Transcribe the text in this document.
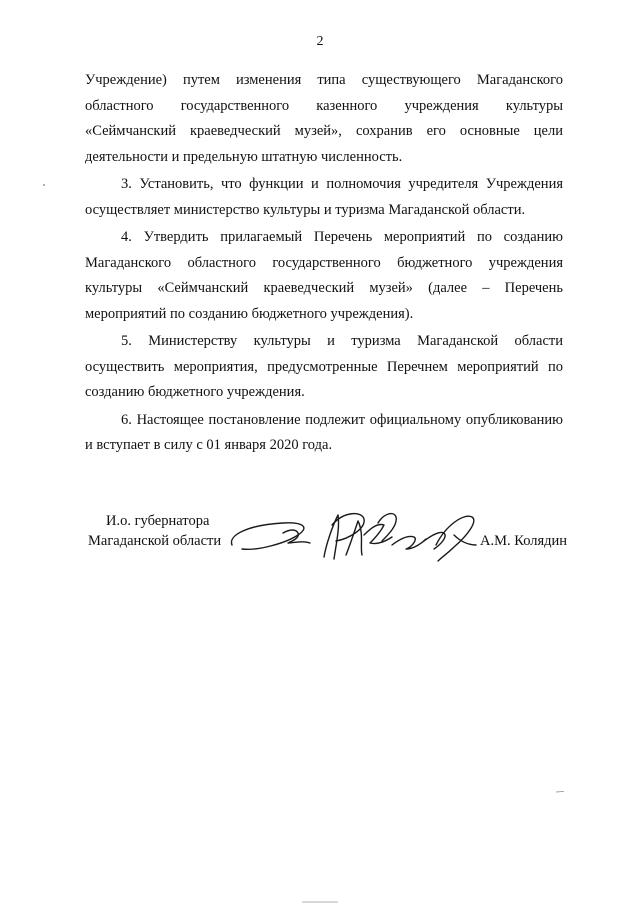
2

Учреждение) путем изменения типа существующего Магаданского областного государственного казенного учреждения культуры «Сеймчанский краеведческий музей», сохранив его основные цели деятельности и предельную штатную численность.

3. Установить, что функции и полномочия учредителя Учреждения осуществляет министерство культуры и туризма Магаданской области.

4. Утвердить прилагаемый Перечень мероприятий по созданию Магаданского областного государственного бюджетного учреждения культуры «Сеймчанский краеведческий музей» (далее – Перечень мероприятий по созданию бюджетного учреждения).

5. Министерству культуры и туризма Магаданской области осуществить мероприятия, предусмотренные Перечнем мероприятий по созданию бюджетного учреждения.

6. Настоящее постановление подлежит официальному опубликованию и вступает в силу с 01 января 2020 года.

И.о. губернатора
Магаданской области	А.М. Колядин
